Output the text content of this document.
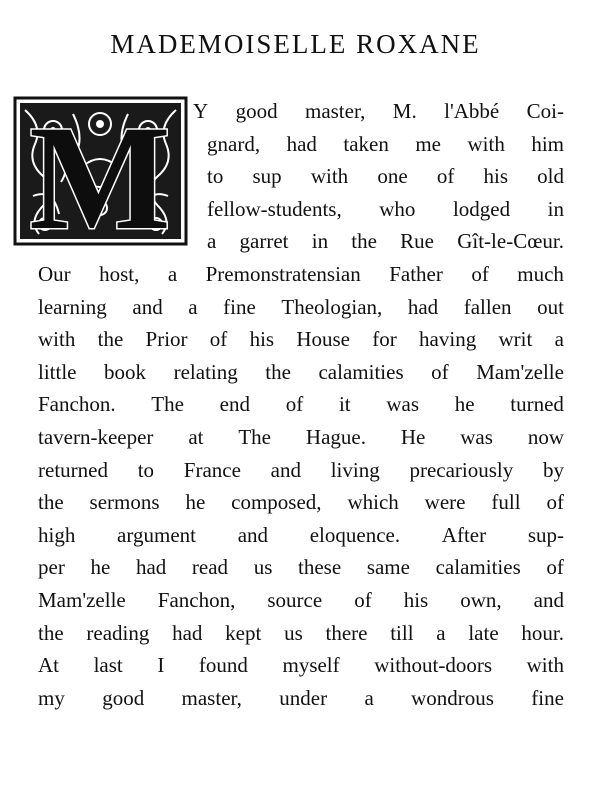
MADEMOISELLE ROXANE
M Y good master, M. l'Abbé Coi-
gnard, had taken me with him
to sup with one of his old
fellow-students, who lodged in
a garret in the Rue Gît-le-Cœur.
Our host, a Premonstratensian Father of much
learning and a fine Theologian, had fallen out
with the Prior of his House for having writ a
little book relating the calamities of Mam'zelle
Fanchon. The end of it was he turned
tavern-keeper at The Hague. He was now
returned to France and living precariously by
the sermons he composed, which were full of
high argument and eloquence. After sup-
per he had read us these same calamities of
Mam'zelle Fanchon, source of his own, and
the reading had kept us there till a late hour.
At last I found myself without-doors with
my good master, under a wondrous fine
